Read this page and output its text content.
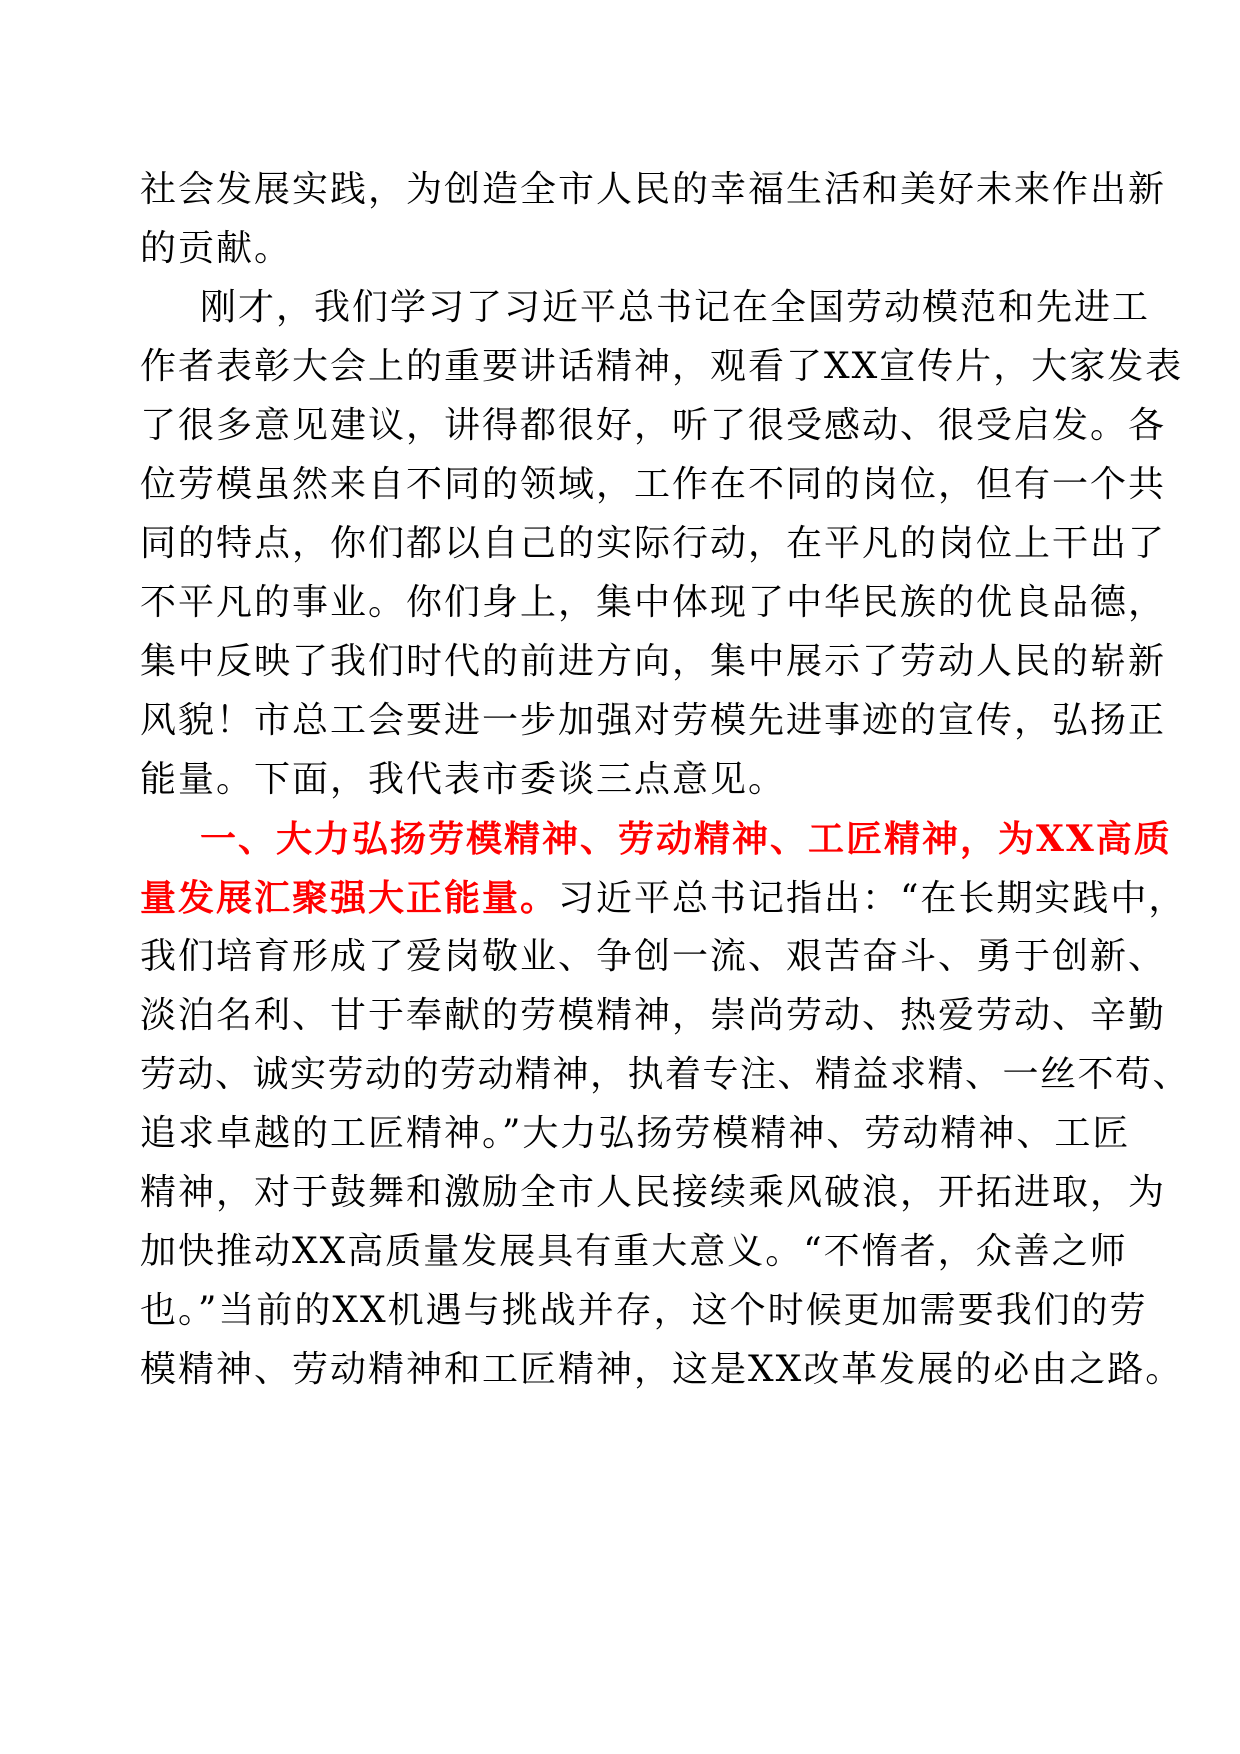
社会发展实践，为创造全市人民的幸福生活和美好未来作出新
的贡献。
刚才，我们学习了习近平总书记在全国劳动模范和先进工
作者表彰大会上的重要讲话精神，观看了XX宣传片，大家发表
了很多意见建议，讲得都很好，听了很受感动、很受启发。各
位劳模虽然来自不同的领域，工作在不同的岗位，但有一个共
同的特点，你们都以自己的实际行动，在平凡的岗位上干出了
不平凡的事业。你们身上，集中体现了中华民族的优良品德，
集中反映了我们时代的前进方向，集中展示了劳动人民的崭新
风貌！市总工会要进一步加强对劳模先进事迹的宣传，弘扬正
能量。下面，我代表市委谈三点意见。
一、大力弘扬劳模精神、劳动精神、工匠精神，为XX高质
量发展汇聚强大正能量。习近平总书记指出：“在长期实践中，
我们培育形成了爱岗敬业、争创一流、艰苦奋斗、勇于创新、
淡泊名利、甘于奉献的劳模精神，崇尚劳动、热爱劳动、辛勤
劳动、诚实劳动的劳动精神，执着专注、精益求精、一丝不苟、
追求卓越的工匠精神。”大力弘扬劳模精神、劳动精神、工匠
精神，对于鼓舞和激励全市人民接续乘风破浪，开拓进取，为
加快推动XX高质量发展具有重大意义。“不惰者，众善之师
也。”当前的XX机遇与挑战并存，这个时候更加需要我们的劳
模精神、劳动精神和工匠精神，这是XX改革发展的必由之路。
